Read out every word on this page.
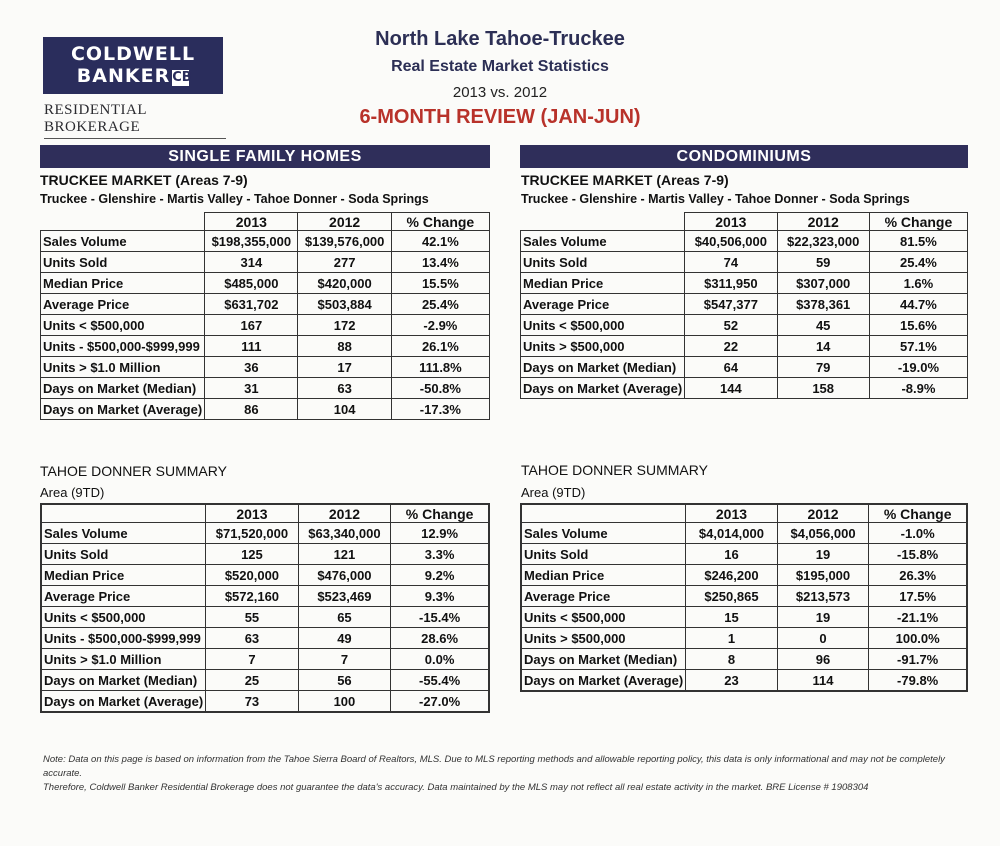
COLDWELL
BANKER CB
RESIDENTIAL BROKERAGE
North Lake Tahoe-Truckee
Real Estate Market Statistics
2013 vs. 2012
6-MONTH REVIEW (JAN-JUN)
SINGLE FAMILY HOMES	CONDOMINIUMS
TRUCKEE MARKET (Areas 7-9)
Truckee - Glenshire - Martis Valley - Tahoe Donner - Soda Springs
TRUCKEE MARKET (Areas 7-9)
Truckee - Glenshire - Martis Valley - Tahoe Donner - Soda Springs
TAHOE DONNER SUMMARY
Area (9TD)
TAHOE DONNER SUMMARY
Area (9TD)
	2013	2012	% Change
Sales Volume	$198,355,000	$139,576,000	42.1%
Units Sold	314	277	13.4%
Median Price	$485,000	$420,000	15.5%
Average Price	$631,702	$503,884	25.4%
Units < $500,000	167	172	-2.9%
Units - $500,000-$999,999	111	88	26.1%
Units > $1.0 Million	36	17	111.8%
Days on Market (Median)	31	63	-50.8%
Days on Market (Average)	86	104	-17.3%
	2013	2012	% Change
Sales Volume	$40,506,000	$22,323,000	81.5%
Units Sold	74	59	25.4%
Median Price	$311,950	$307,000	1.6%
Average Price	$547,377	$378,361	44.7%
Units < $500,000	52	45	15.6%
Units > $500,000	22	14	57.1%
Days on Market (Median)	64	79	-19.0%
Days on Market (Average)	144	158	-8.9%
	2013	2012	% Change
Sales Volume	$71,520,000	$63,340,000	12.9%
Units Sold	125	121	3.3%
Median Price	$520,000	$476,000	9.2%
Average Price	$572,160	$523,469	9.3%
Units < $500,000	55	65	-15.4%
Units - $500,000-$999,999	63	49	28.6%
Units > $1.0 Million	7	7	0.0%
Days on Market (Median)	25	56	-55.4%
Days on Market (Average)	73	100	-27.0%
	2013	2012	% Change
Sales Volume	$4,014,000	$4,056,000	-1.0%
Units Sold	16	19	-15.8%
Median Price	$246,200	$195,000	26.3%
Average Price	$250,865	$213,573	17.5%
Units < $500,000	15	19	-21.1%
Units > $500,000	1	0	100.0%
Days on Market (Median)	8	96	-91.7%
Days on Market (Average)	23	114	-79.8%
Note: Data on this page is based on information from the Tahoe Sierra Board of Realtors, MLS. Due to MLS reporting methods and allowable reporting policy, this data is only informational and may not be completely accurate.
Therefore, Coldwell Banker Residential Brokerage does not guarantee the data's accuracy. Data maintained by the MLS may not reflect all real estate activity in the market. BRE License # 1908304
